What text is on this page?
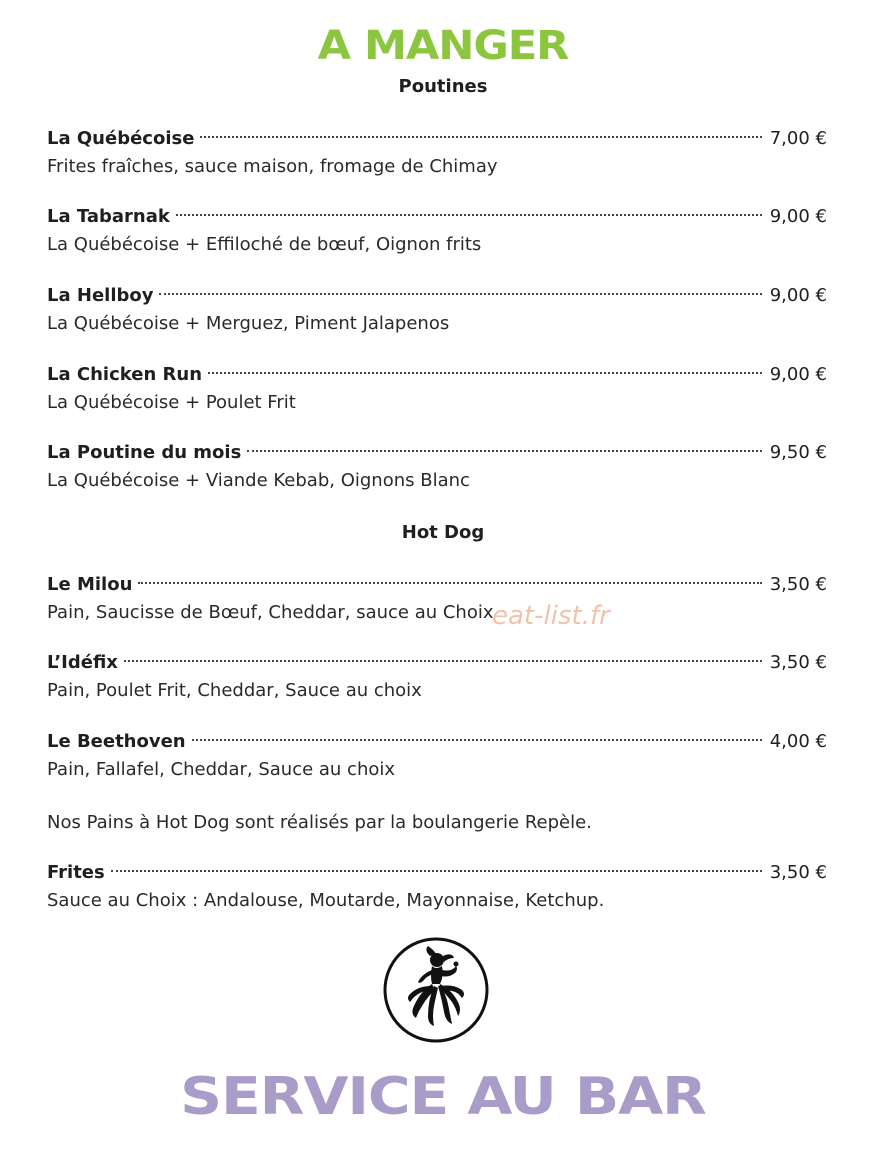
A MANGER
Poutines
La Québécoise	7,00 €
Frites fraîches, sauce maison, fromage de Chimay
La Tabarnak	9,00 €
La Québécoise + Effiloché de bœuf, Oignon frits
La Hellboy	9,00 €
La Québécoise + Merguez, Piment Jalapenos
La Chicken Run	9,00 €
La Québécoise + Poulet Frit
La Poutine du mois	9,50 €
La Québécoise + Viande Kebab, Oignons Blanc
Hot Dog
Le Milou	3,50 €
Pain, Saucisse de Bœuf, Cheddar, sauce au Choix
eat-list.fr
L’Idéfix	3,50 €
Pain, Poulet Frit, Cheddar, Sauce au choix
Le Beethoven	4,00 €
Pain, Fallafel, Cheddar, Sauce au choix
Nos Pains à Hot Dog sont réalisés par la boulangerie Repèle.
Frites	3,50 €
Sauce au Choix : Andalouse, Moutarde, Mayonnaise, Ketchup.
SERVICE AU BAR
